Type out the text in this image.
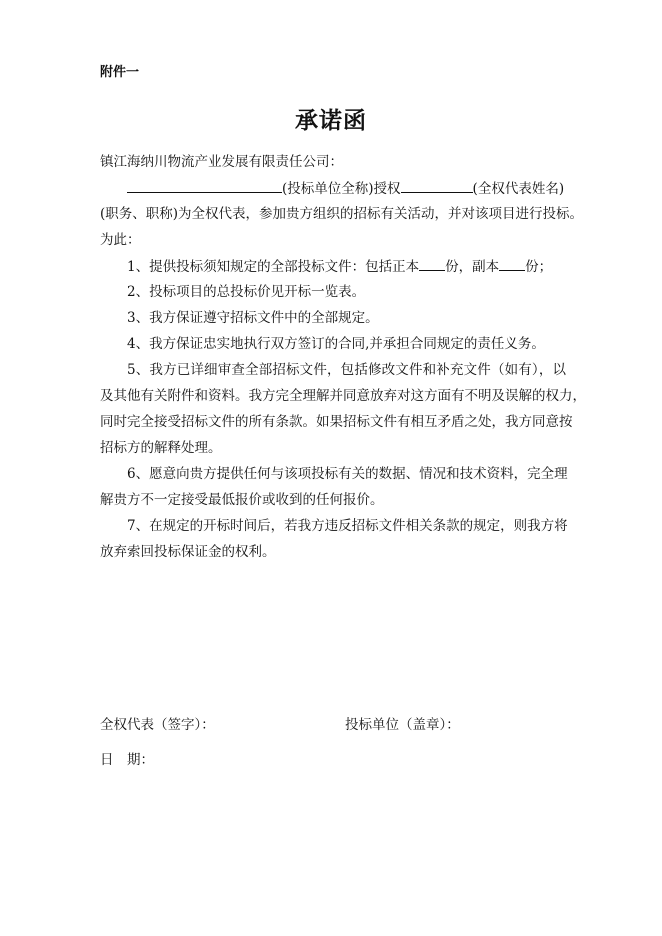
附件一
承诺函
镇江海纳川物流产业发展有限责任公司：
(投标单位全称)授权	(全权代表姓名)
(职务、职称)为全权代表，参加贵方组织的招标有关活动，并对该项目进行投标。
为此：
1、提供投标须知规定的全部投标文件：包括正本 份，副本 份；
2、投标项目的总投标价见开标一览表。
3、我方保证遵守招标文件中的全部规定。
4、我方保证忠实地执行双方签订的合同,并承担合同规定的责任义务。
5、我方已详细审查全部招标文件，包括修改文件和补充文件（如有），以
及其他有关附件和资料。我方完全理解并同意放弃对这方面有不明及误解的权力，
同时完全接受招标文件的所有条款。如果招标文件有相互矛盾之处，我方同意按
招标方的解释处理。
6、愿意向贵方提供任何与该项投标有关的数据、情况和技术资料，完全理
解贵方不一定接受最低报价或收到的任何报价。
7、在规定的开标时间后，若我方违反招标文件相关条款的规定，则我方将
放弃索回投标保证金的权利。
全权代表（签字）：	投标单位（盖章）：
日　期：
